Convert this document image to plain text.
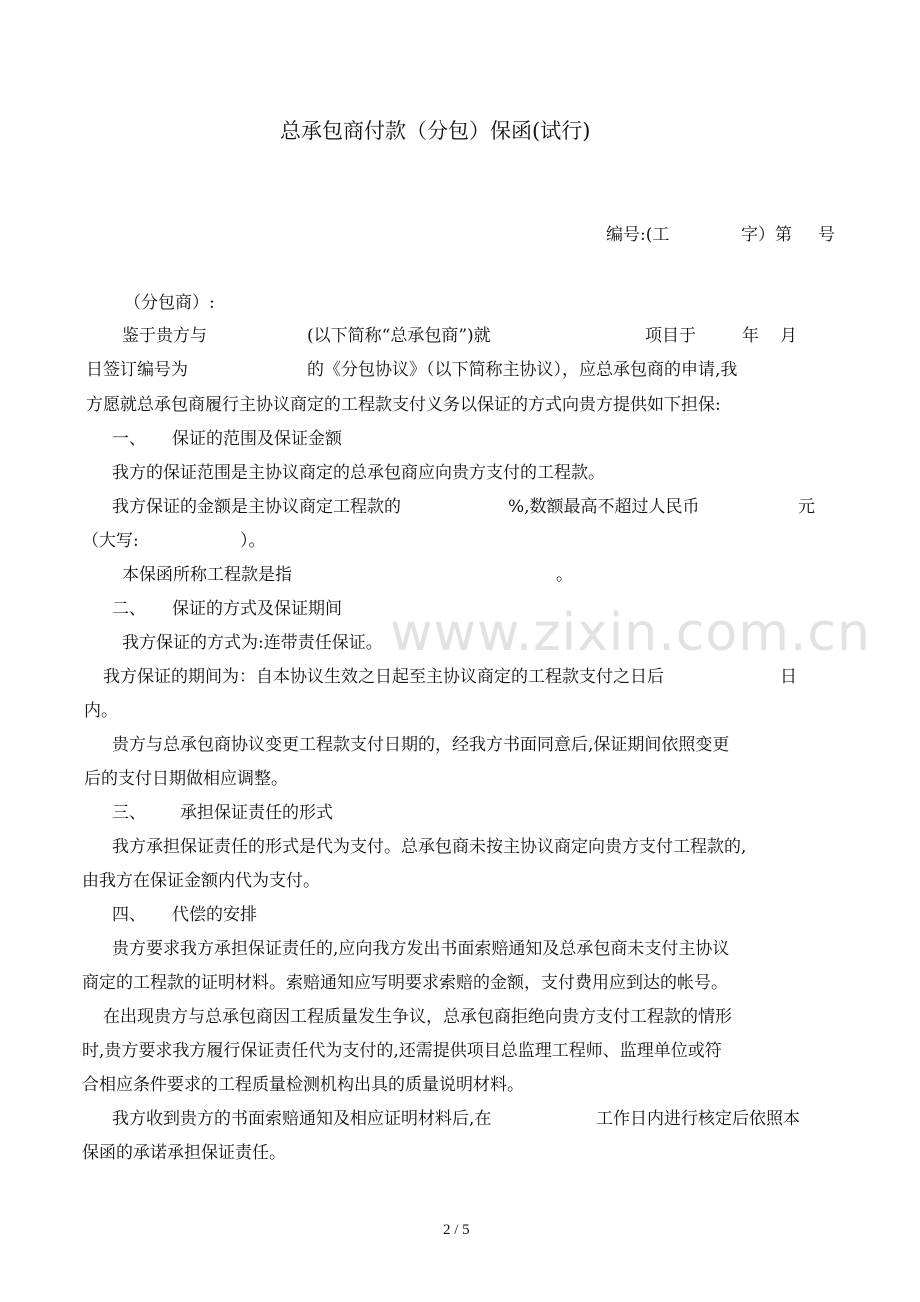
总承包商付款（分包）保函(试行)
编号:(工	字）第 号
（分包商）:
鉴于贵方与	(以下简称“总承包商”)就	项目于	年 月
日签订编号为	的《分包协议》（以下简称主协议），应总承包商的申请,我
方愿就总承包商履行主协议商定的工程款支付义务以保证的方式向贵方提供如下担保:
一、 保证的范围及保证金额
我方的保证范围是主协议商定的总承包商应向贵方支付的工程款。
我方保证的金额是主协议商定工程款的	%,数额最高不超过人民币	元
（大写:	）。
本保函所称工程款是指	。
二、 保证的方式及保证期间
我方保证的方式为:连带责任保证。
我方保证的期间为：自本协议生效之日起至主协议商定的工程款支付之日后	日
内。
贵方与总承包商协议变更工程款支付日期的，经我方书面同意后,保证期间依照变更
后的支付日期做相应调整。
三、 承担保证责任的形式
我方承担保证责任的形式是代为支付。总承包商未按主协议商定向贵方支付工程款的,
由我方在保证金额内代为支付。
四、 代偿的安排
贵方要求我方承担保证责任的,应向我方发出书面索赔通知及总承包商未支付主协议
商定的工程款的证明材料。索赔通知应写明要求索赔的金额，支付费用应到达的帐号。
在出现贵方与总承包商因工程质量发生争议，总承包商拒绝向贵方支付工程款的情形
时,贵方要求我方履行保证责任代为支付的,还需提供项目总监理工程师、监理单位或符
合相应条件要求的工程质量检测机构出具的质量说明材料。
我方收到贵方的书面索赔通知及相应证明材料后,在	工作日内进行核定后依照本
保函的承诺承担保证责任。
www.zixin.com.cn
2 / 5
